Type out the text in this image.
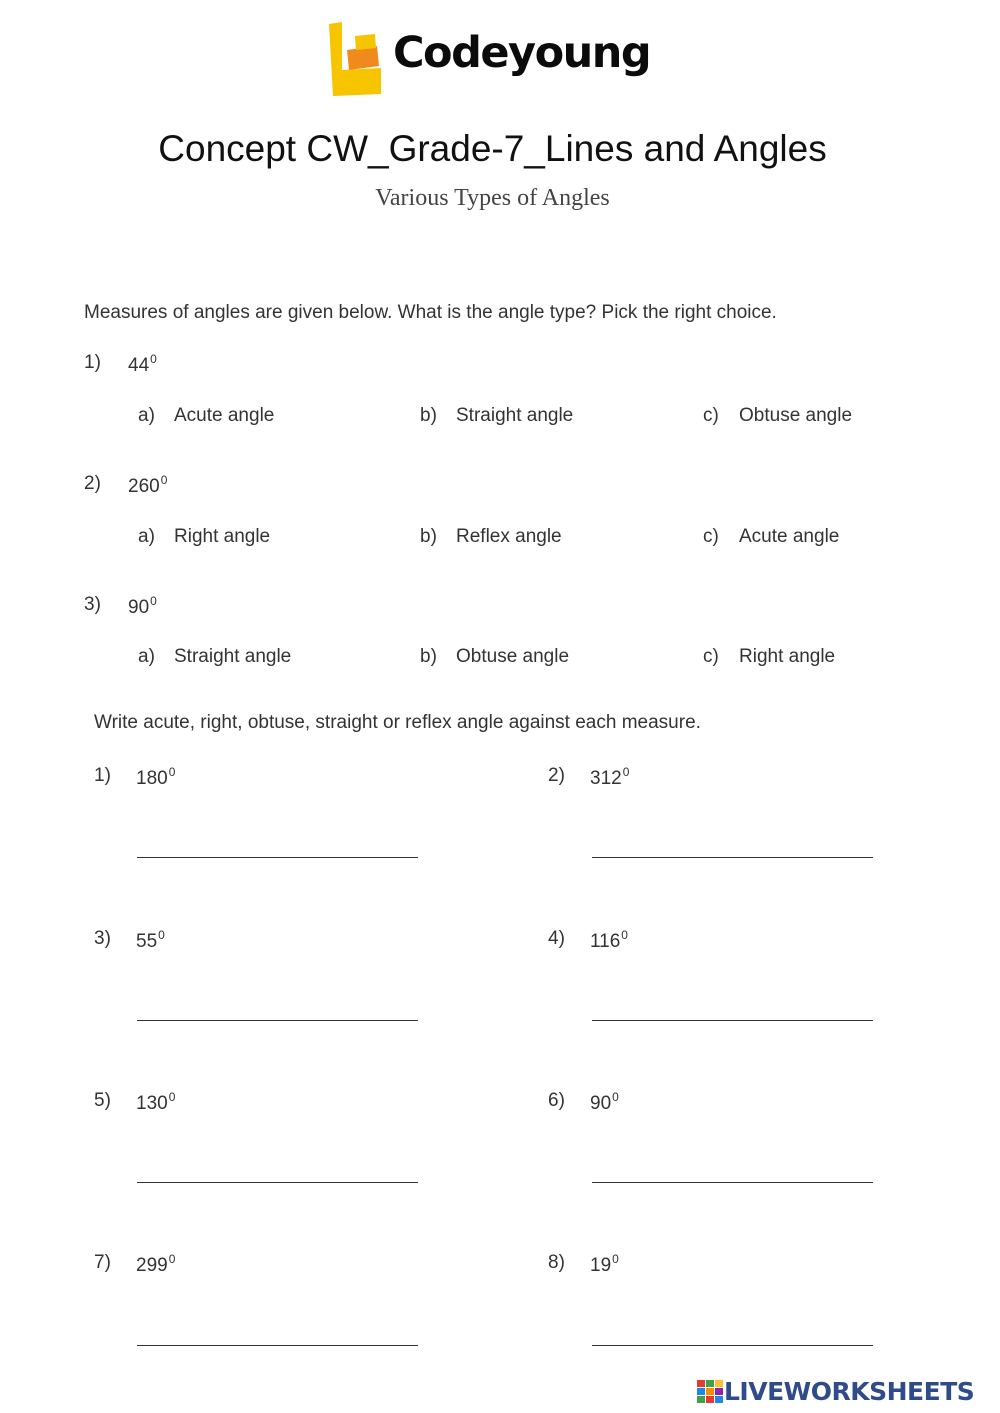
Codeyoung
Concept CW_Grade-7_Lines and Angles
Various Types of Angles
Measures of angles are given below. What is the angle type? Pick the right choice.
1) $44^0$
a) Acute angle	b) Straight angle	c) Obtuse angle
2) $260^0$
a) Right angle	b) Reflex angle	c) Acute angle
3) $90^0$
a) Straight angle	b) Obtuse angle	c) Right angle
Write acute, right, obtuse, straight or reflex angle against each measure.
1) $180^0$	2) $312^0$
3) $55^0$	4) $116^0$
5) $130^0$	6) $90^0$
7) $299^0$	8) $19^0$
LIVEWORKSHEETS
